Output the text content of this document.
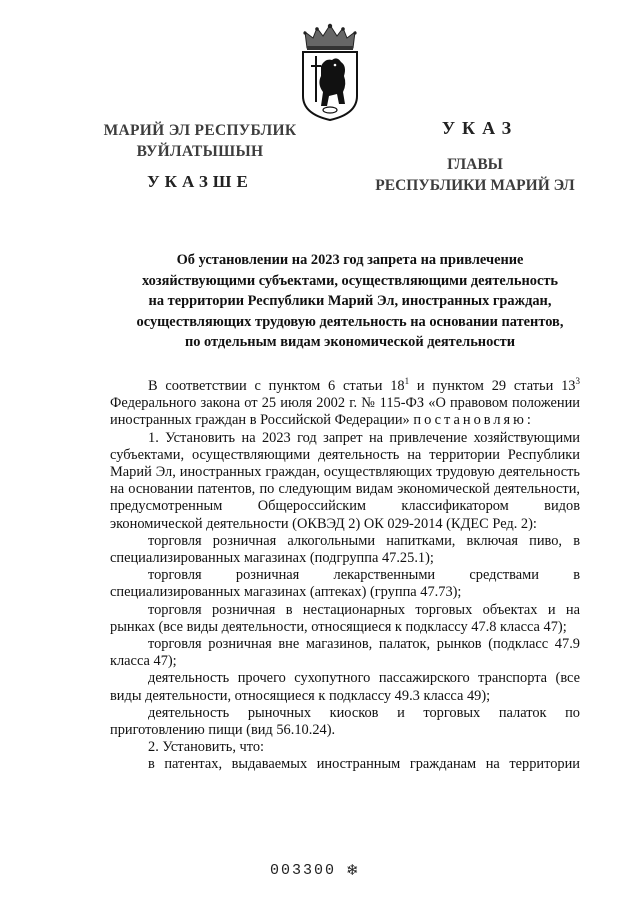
МАРИЙ ЭЛ РЕСПУБЛИК
ВУЙЛАТЫШЫН
УКАЗШЕ
УКАЗ
ГЛАВЫ
РЕСПУБЛИКИ МАРИЙ ЭЛ
Об установлении на 2023 год запрета на привлечение
хозяйствующими субъектами, осуществляющими деятельность
на территории Республики Марий Эл, иностранных граждан,
осуществляющих трудовую деятельность на основании патентов,
по отдельным видам экономической деятельности

В соответствии с пунктом 6 статьи $18^1$ и пунктом 29 статьи $13^3$ Федерального закона от 25 июля 2002 г. № 115-ФЗ «О правовом положении иностранных граждан в Российской Федерации» постановляю:

1. Установить на 2023 год запрет на привлечение хозяйствующими субъектами, осуществляющими деятельность на территории Республики Марий Эл, иностранных граждан, осуществляющих трудовую деятельность на основании патентов, по следующим видам экономической деятельности, предусмотренным Общероссийским классификатором видов экономической деятельности (ОКВЭД 2) ОК 029-2014 (КДЕС Ред. 2):

торговля розничная алкогольными напитками, включая пиво, в специализированных магазинах (подгруппа 47.25.1);

торговля розничная лекарственными средствами в специализированных магазинах (аптеках) (группа 47.73);

торговля розничная в нестационарных торговых объектах и на рынках (все виды деятельности, относящиеся к подклассу 47.8 класса 47);

торговля розничная вне магазинов, палаток, рынков (подкласс 47.9 класса 47);

деятельность прочего сухопутного пассажирского транспорта (все виды деятельности, относящиеся к подклассу 49.3 класса 49);

деятельность рыночных киосков и торговых палаток по приготовлению пищи (вид 56.10.24).

2. Установить, что:

в патентах, выдаваемых иностранным гражданам на территории

003300 ❄
